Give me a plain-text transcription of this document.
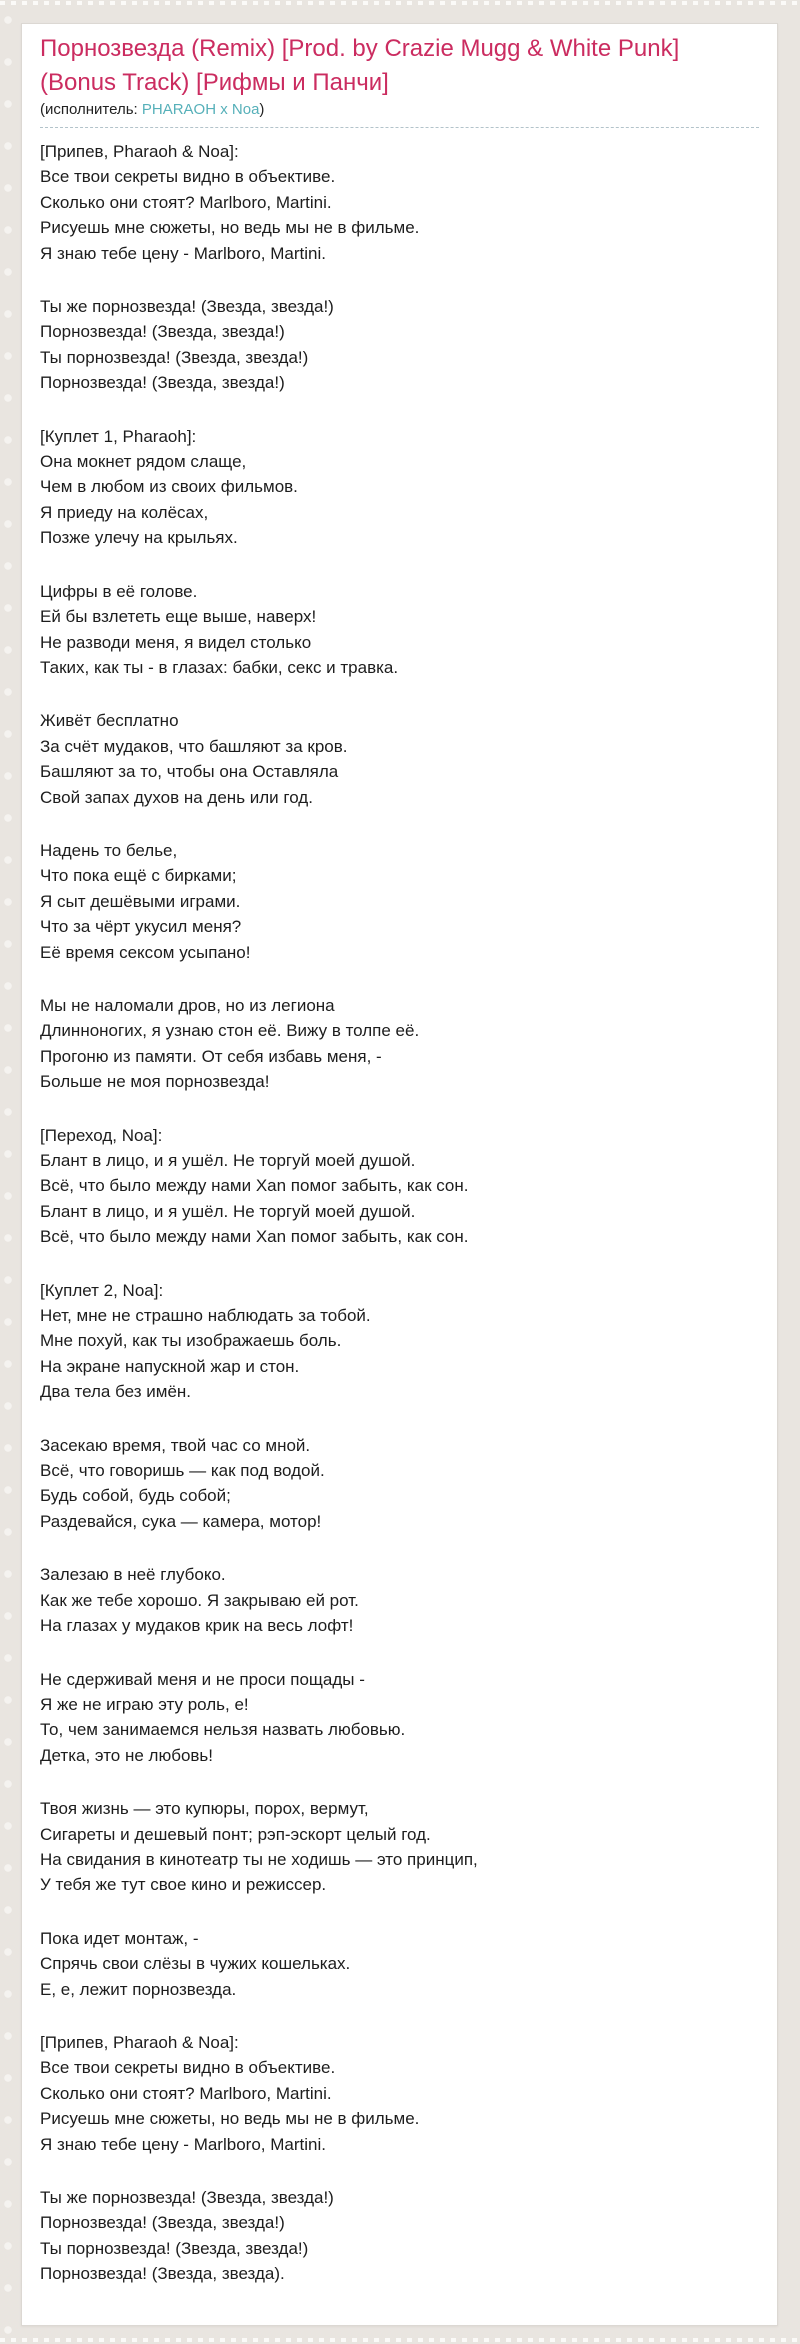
Порнозвезда (Remix) [Prod. by Crazie Mugg & White Punk]
(Bonus Track) [Рифмы и Панчи]
(исполнитель: PHARAOH x Noa)

[Припев, Pharaoh & Noa]:
Все твои секреты видно в объективе.
Сколько они стоят? Marlboro, Martini.
Рисуешь мне сюжеты, но ведь мы не в фильме.
Я знаю тебе цену - Marlboro, Martini.

Ты же порнозвезда! (Звезда, звезда!)
Порнозвезда! (Звезда, звезда!)
Ты порнозвезда! (Звезда, звезда!)
Порнозвезда! (Звезда, звезда!)

[Куплет 1, Pharaoh]:
Она мокнет рядом слаще,
Чем в любом из своих фильмов.
Я приеду на колёсах,
Позже улечу на крыльях.

Цифры в её голове.
Ей бы взлететь еще выше, наверх!
Не разводи меня, я видел столько
Таких, как ты - в глазах: бабки, секс и травка.

Живёт бесплатно
За счёт мудаков, что башляют за кров.
Башляют за то, чтобы она Оставляла
Свой запах духов на день или год.

Надень то белье,
Что пока ещё с бирками;
Я сыт дешёвыми играми.
Что за чёрт укусил меня?
Её время сексом усыпано!

Мы не наломали дров, но из легиона
Длинноногих, я узнаю стон её. Вижу в толпе её.
Прогоню из памяти. От себя избавь меня, -
Больше не моя порнозвезда!

[Переход, Noa]:
Блант в лицо, и я ушёл. Не торгуй моей душой.
Всё, что было между нами Xan помог забыть, как сон.
Блант в лицо, и я ушёл. Не торгуй моей душой.
Всё, что было между нами Xan помог забыть, как сон.

[Куплет 2, Noa]:
Нет, мне не страшно наблюдать за тобой.
Мне похуй, как ты изображаешь боль.
На экране напускной жар и стон.
Два тела без имён.

Засекаю время, твой час со мной.
Всё, что говоришь — как под водой.
Будь собой, будь собой;
Раздевайся, сука — камера, мотор!

Залезаю в неё глубоко.
Как же тебе хорошо. Я закрываю ей рот.
На глазах у мудаков крик на весь лофт!

Не сдерживай меня и не проси пощады -
Я же не играю эту роль, е!
То, чем занимаемся нельзя назвать любовью.
Детка, это не любовь!

Твоя жизнь — это купюры, порох, вермут,
Сигареты и дешевый понт; рэп-эскорт целый год.
На свидания в кинотеатр ты не ходишь — это принцип,
У тебя же тут свое кино и режиссер.

Пока идет монтаж, -
Спрячь свои слёзы в чужих кошельках.
Е, е, лежит порнозвезда.

[Припев, Pharaoh & Noa]:
Все твои секреты видно в объективе.
Сколько они стоят? Marlboro, Martini.
Рисуешь мне сюжеты, но ведь мы не в фильме.
Я знаю тебе цену - Marlboro, Martini.

Ты же порнозвезда! (Звезда, звезда!)
Порнозвезда! (Звезда, звезда!)
Ты порнозвезда! (Звезда, звезда!)
Порнозвезда! (Звезда, звезда).
